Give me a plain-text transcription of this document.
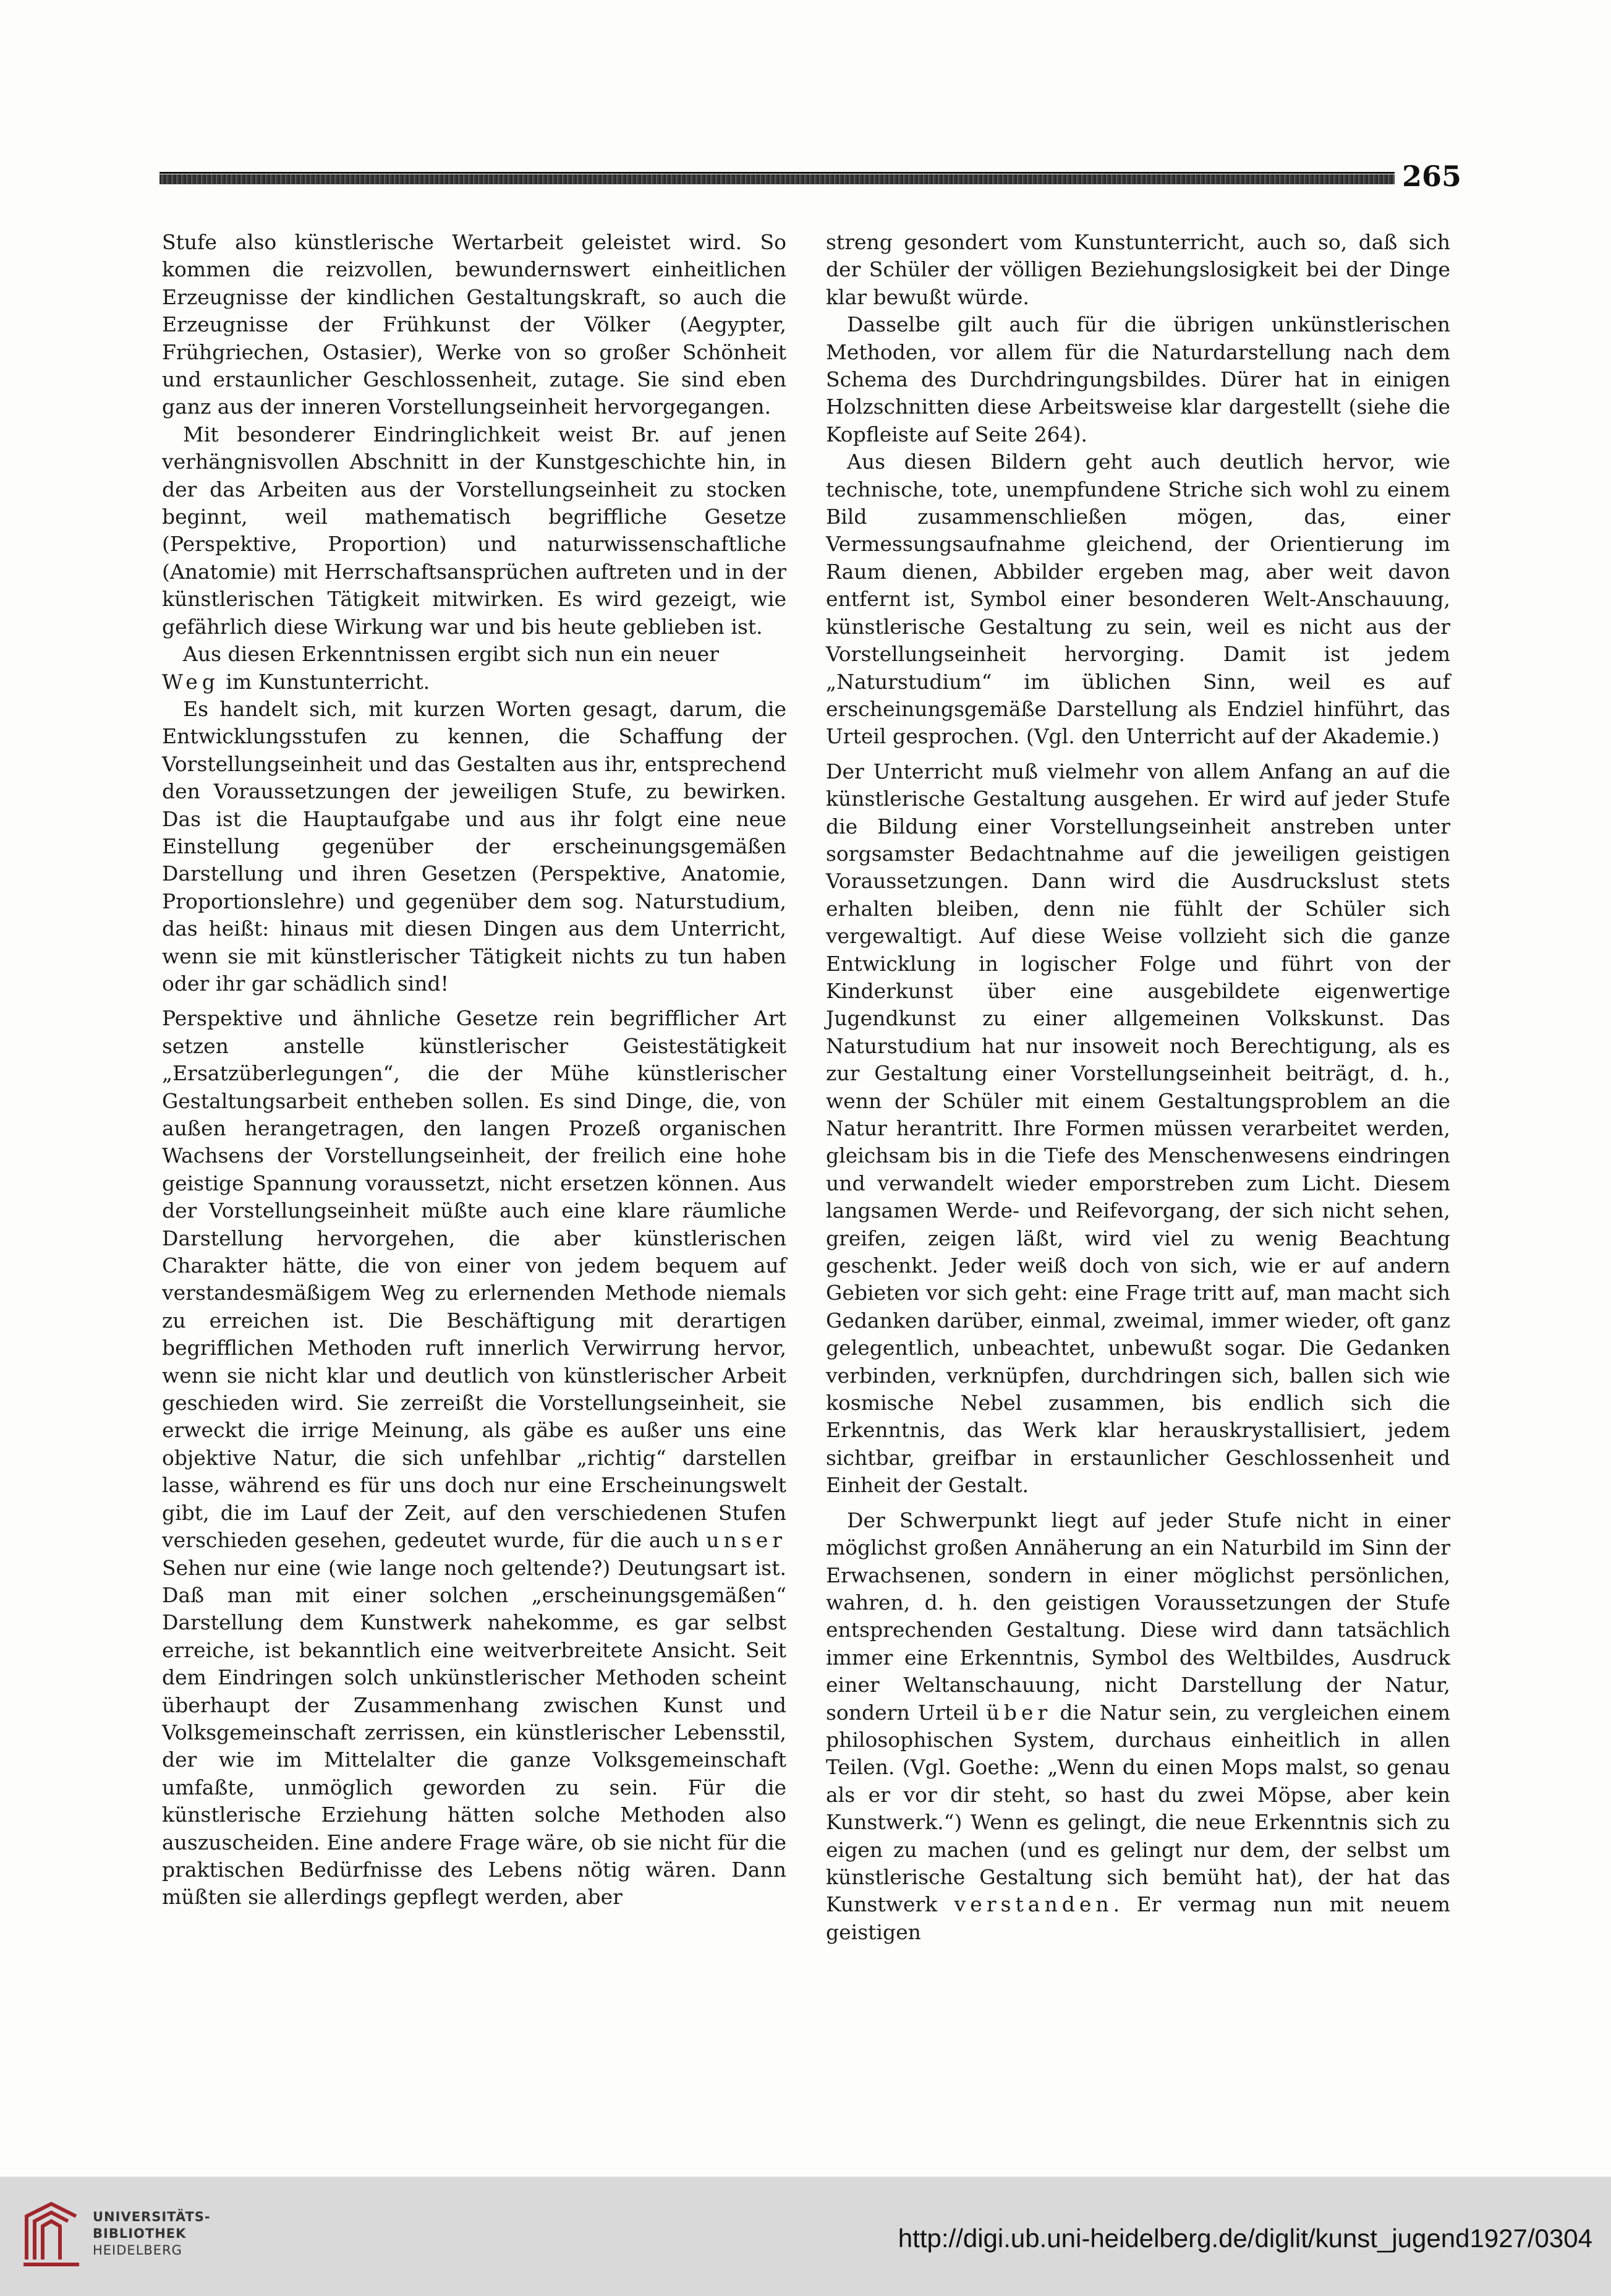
265

Stufe also künstlerische Wertarbeit geleistet wird. So kommen die reizvollen, bewundernswert einheitlichen Erzeugnisse der kindlichen Gestaltungskraft, so auch die Erzeugnisse der Frühkunst der Völker (Aegypter, Frühgriechen, Ostasier), Werke von so großer Schönheit und erstaunlicher Geschlossenheit, zutage. Sie sind eben ganz aus der inneren Vorstellungseinheit hervorgegangen.

Mit besonderer Eindringlichkeit weist Br. auf jenen verhängnisvollen Abschnitt in der Kunstgeschichte hin, in der das Arbeiten aus der Vorstellungseinheit zu stocken beginnt, weil mathematisch begriffliche Gesetze (Perspektive, Proportion) und naturwissenschaftliche (Anatomie) mit Herrschaftsansprüchen auftreten und in der künstlerischen Tätigkeit mitwirken. Es wird gezeigt, wie gefährlich diese Wirkung war und bis heute geblieben ist.

Aus diesen Erkenntnissen ergibt sich nun ein neuer

Weg im Kunstunterricht.

Es handelt sich, mit kurzen Worten gesagt, darum, die Entwicklungsstufen zu kennen, die Schaffung der Vorstellungseinheit und das Gestalten aus ihr, entsprechend den Voraussetzungen der jeweiligen Stufe, zu bewirken. Das ist die Hauptaufgabe und aus ihr folgt eine neue Einstellung gegenüber der erscheinungsgemäßen Darstellung und ihren Gesetzen (Perspektive, Anatomie, Proportionslehre) und gegenüber dem sog. Naturstudium, das heißt: hinaus mit diesen Dingen aus dem Unterricht, wenn sie mit künstlerischer Tätigkeit nichts zu tun haben oder ihr gar schädlich sind!

Perspektive und ähnliche Gesetze rein begrifflicher Art setzen anstelle künstlerischer Geistestätigkeit „Ersatzüberlegungen“, die der Mühe künstlerischer Gestaltungsarbeit entheben sollen. Es sind Dinge, die, von außen herangetragen, den langen Prozeß organischen Wachsens der Vorstellungseinheit, der freilich eine hohe geistige Spannung voraussetzt, nicht ersetzen können. Aus der Vorstellungseinheit müßte auch eine klare räumliche Darstellung hervorgehen, die aber künstlerischen Charakter hätte, die von einer von jedem bequem auf verstandesmäßigem Weg zu erlernenden Methode niemals zu erreichen ist. Die Beschäftigung mit derartigen begrifflichen Methoden ruft innerlich Verwirrung hervor, wenn sie nicht klar und deutlich von künstlerischer Arbeit geschieden wird. Sie zerreißt die Vorstellungseinheit, sie erweckt die irrige Meinung, als gäbe es außer uns eine objektive Natur, die sich unfehlbar „richtig“ darstellen lasse, während es für uns doch nur eine Erscheinungswelt gibt, die im Lauf der Zeit, auf den verschiedenen Stufen verschieden gesehen, gedeutet wurde, für die auch unser Sehen nur eine (wie lange noch geltende?) Deutungsart ist. Daß man mit einer solchen „erscheinungsgemäßen“ Darstellung dem Kunstwerk nahekomme, es gar selbst erreiche, ist bekanntlich eine weitverbreitete Ansicht. Seit dem Eindringen solch unkünstlerischer Methoden scheint überhaupt der Zusammenhang zwischen Kunst und Volksgemeinschaft zerrissen, ein künstlerischer Lebensstil, der wie im Mittelalter die ganze Volksgemeinschaft umfaßte, unmöglich geworden zu sein. Für die künstlerische Erziehung hätten solche Methoden also auszuscheiden. Eine andere Frage wäre, ob sie nicht für die praktischen Bedürfnisse des Lebens nötig wären. Dann müßten sie allerdings gepflegt werden, aber

streng gesondert vom Kunstunterricht, auch so, daß sich der Schüler der völligen Beziehungslosigkeit bei der Dinge klar bewußt würde.

Dasselbe gilt auch für die übrigen unkünstlerischen Methoden, vor allem für die Naturdarstellung nach dem Schema des Durchdringungsbildes. Dürer hat in einigen Holzschnitten diese Arbeitsweise klar dargestellt (siehe die Kopfleiste auf Seite 264).

Aus diesen Bildern geht auch deutlich hervor, wie technische, tote, unempfundene Striche sich wohl zu einem Bild zusammenschließen mögen, das, einer Vermessungsaufnahme gleichend, der Orientierung im Raum dienen, Abbilder ergeben mag, aber weit davon entfernt ist, Symbol einer besonderen Welt-Anschauung, künstlerische Gestaltung zu sein, weil es nicht aus der Vorstellungseinheit hervorging. Damit ist jedem „Naturstudium“ im üblichen Sinn, weil es auf erscheinungsgemäße Darstellung als Endziel hinführt, das Urteil gesprochen. (Vgl. den Unterricht auf der Akademie.)

Der Unterricht muß vielmehr von allem Anfang an auf die künstlerische Gestaltung ausgehen. Er wird auf jeder Stufe die Bildung einer Vorstellungseinheit anstreben unter sorgsamster Bedachtnahme auf die jeweiligen geistigen Voraussetzungen. Dann wird die Ausdruckslust stets erhalten bleiben, denn nie fühlt der Schüler sich vergewaltigt. Auf diese Weise vollzieht sich die ganze Entwicklung in logischer Folge und führt von der Kinderkunst über eine ausgebildete eigenwertige Jugendkunst zu einer allgemeinen Volkskunst. Das Naturstudium hat nur insoweit noch Berechtigung, als es zur Gestaltung einer Vorstellungseinheit beiträgt, d. h., wenn der Schüler mit einem Gestaltungsproblem an die Natur herantritt. Ihre Formen müssen verarbeitet werden, gleichsam bis in die Tiefe des Menschenwesens eindringen und verwandelt wieder emporstreben zum Licht. Diesem langsamen Werde- und Reifevorgang, der sich nicht sehen, greifen, zeigen läßt, wird viel zu wenig Beachtung geschenkt. Jeder weiß doch von sich, wie er auf andern Gebieten vor sich geht: eine Frage tritt auf, man macht sich Gedanken darüber, einmal, zweimal, immer wieder, oft ganz gelegentlich, unbeachtet, unbewußt sogar. Die Gedanken verbinden, verknüpfen, durchdringen sich, ballen sich wie kosmische Nebel zusammen, bis endlich sich die Erkenntnis, das Werk klar herauskrystallisiert, jedem sichtbar, greifbar in erstaunlicher Geschlossenheit und Einheit der Gestalt.

Der Schwerpunkt liegt auf jeder Stufe nicht in einer möglichst großen Annäherung an ein Naturbild im Sinn der Erwachsenen, sondern in einer möglichst persönlichen, wahren, d. h. den geistigen Voraussetzungen der Stufe entsprechenden Gestaltung. Diese wird dann tatsächlich immer eine Erkenntnis, Symbol des Weltbildes, Ausdruck einer Weltanschauung, nicht Darstellung der Natur, sondern Urteil über die Natur sein, zu vergleichen einem philosophischen System, durchaus einheitlich in allen Teilen. (Vgl. Goethe: „Wenn du einen Mops malst, so genau als er vor dir steht, so hast du zwei Möpse, aber kein Kunstwerk.“) Wenn es gelingt, die neue Erkenntnis sich zu eigen zu machen (und es gelingt nur dem, der selbst um künstlerische Gestaltung sich bemüht hat), der hat das Kunstwerk verstanden. Er vermag nun mit neuem geistigen

UNIVERSITÄTS-
BIBLIOTHEK
HEIDELBERG	http://digi.ub.uni-heidelberg.de/diglit/kunst_jugend1927/0304
